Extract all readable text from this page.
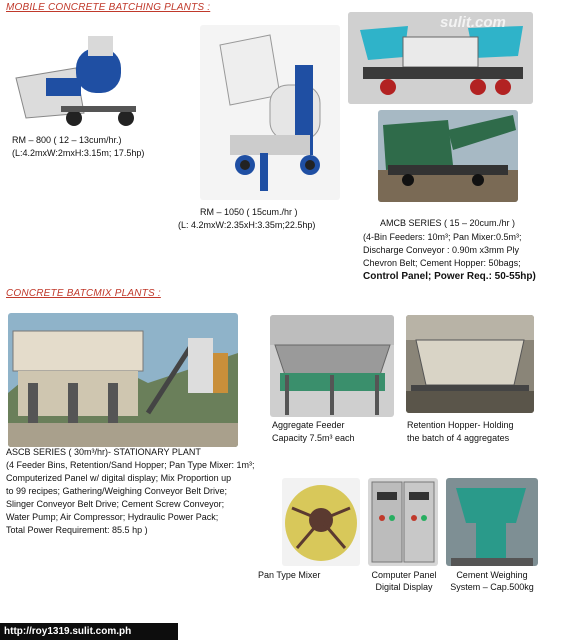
MOBILE CONCRETE BATCHING PLANTS :
RM – 800 ( 12 – 13cum/hr.)
(L:4.2mxW:2mxH:3.15m; 17.5hp)
RM – 1050 ( 15cum./hr )
(L: 4.2mxW:2.35xH:3.35m;22.5hp)
sulit.com
AMCB SERIES ( 15 – 20cum./hr )
(4-Bin Feeders: 10m³; Pan Mixer:0.5m³;
Discharge Conveyor : 0.90m x3mm Ply
Chevron Belt; Cement Hopper: 50bags;
Control Panel; Power Req.: 50-55hp)
CONCRETE BATCMIX PLANTS :
ASCB SERIES ( 30m³/hr)- STATIONARY PLANT
(4 Feeder Bins, Retention/Sand Hopper; Pan Type Mixer: 1m³;
Computerized Panel w/ digital display; Mix Proportion up
to 99 recipes; Gathering/Weighing Conveyor Belt Drive;
Slinger Conveyor Belt Drive; Cement Screw Conveyor;
Water Pump; Air Compressor; Hydraulic Power Pack;
Total Power Requirement: 85.5 hp )
Aggregate Feeder
Capacity 7.5m³ each
Retention Hopper- Holding
the batch of 4 aggregates
Pan Type Mixer	Computer Panel
Digital Display
Cement Weighing
System – Cap.500kg
http://roy1319.sulit.com.ph
